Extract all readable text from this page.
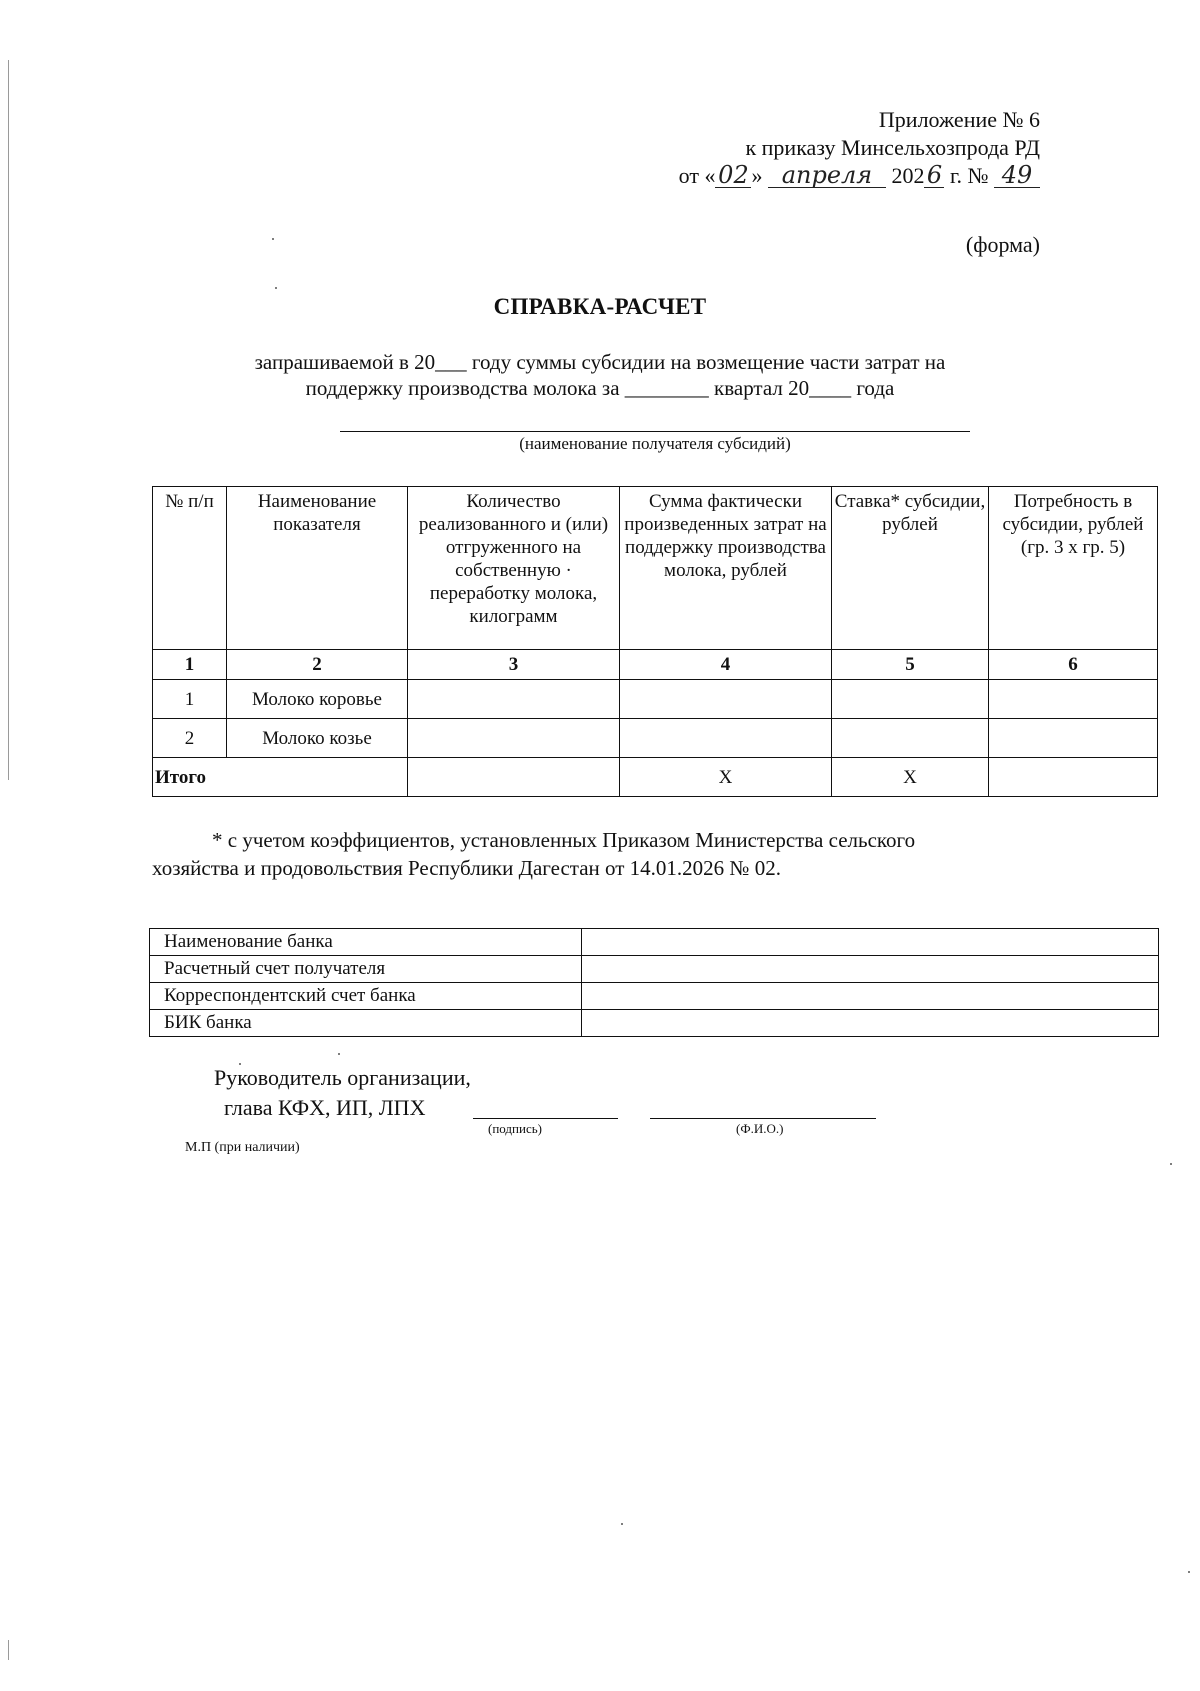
Приложение № 6
к приказу Минсельхозпрода РД
от « 02 » апреля 2026 г. № 49
(форма)
СПРАВКА-РАСЧЕТ
запрашиваемой в 20___ году суммы субсидии на возмещение части затрат на
поддержку производства молока за ________ квартал 20____ года
(наименование получателя субсидий)
№ п/п	Наименование показателя	Количество реализованного и (или) отгруженного на собственную · переработку молока, килограмм	Сумма фактически произведенных затрат на поддержку производства молока, рублей	Ставка* субсидии, рублей	Потребность в субсидии, рублей (гр. 3 х гр. 5)
1	2	3	4	5	6
1	Молоко коровье				
2	Молоко козье				
Итого			Х	Х	
* с учетом коэффициентов, установленных Приказом Министерства сельского
хозяйства и продовольствия Республики Дагестан от 14.01.2026 № 02.
Наименование банка	
Расчетный счет получателя	
Корреспондентский счет банка	
БИК банка	
Руководитель организации,
глава КФХ, ИП, ЛПХ
(подпись)	(Ф.И.О.)
М.П (при наличии)
